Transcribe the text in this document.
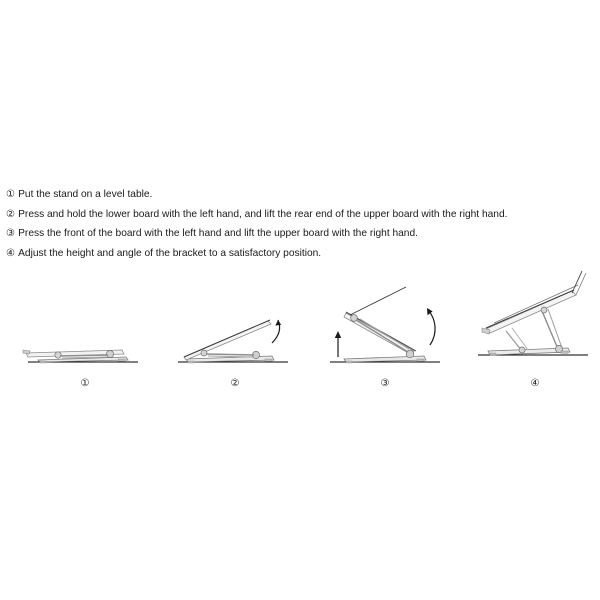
① Put the stand on a level table.
② Press and hold the lower board with the left hand, and lift the rear end of the upper board with the right hand.
③ Press the front of the board with the left hand and lift the upper board with the right hand.
④ Adjust the height and angle of the bracket to a satisfactory position.
①	②	③	④
